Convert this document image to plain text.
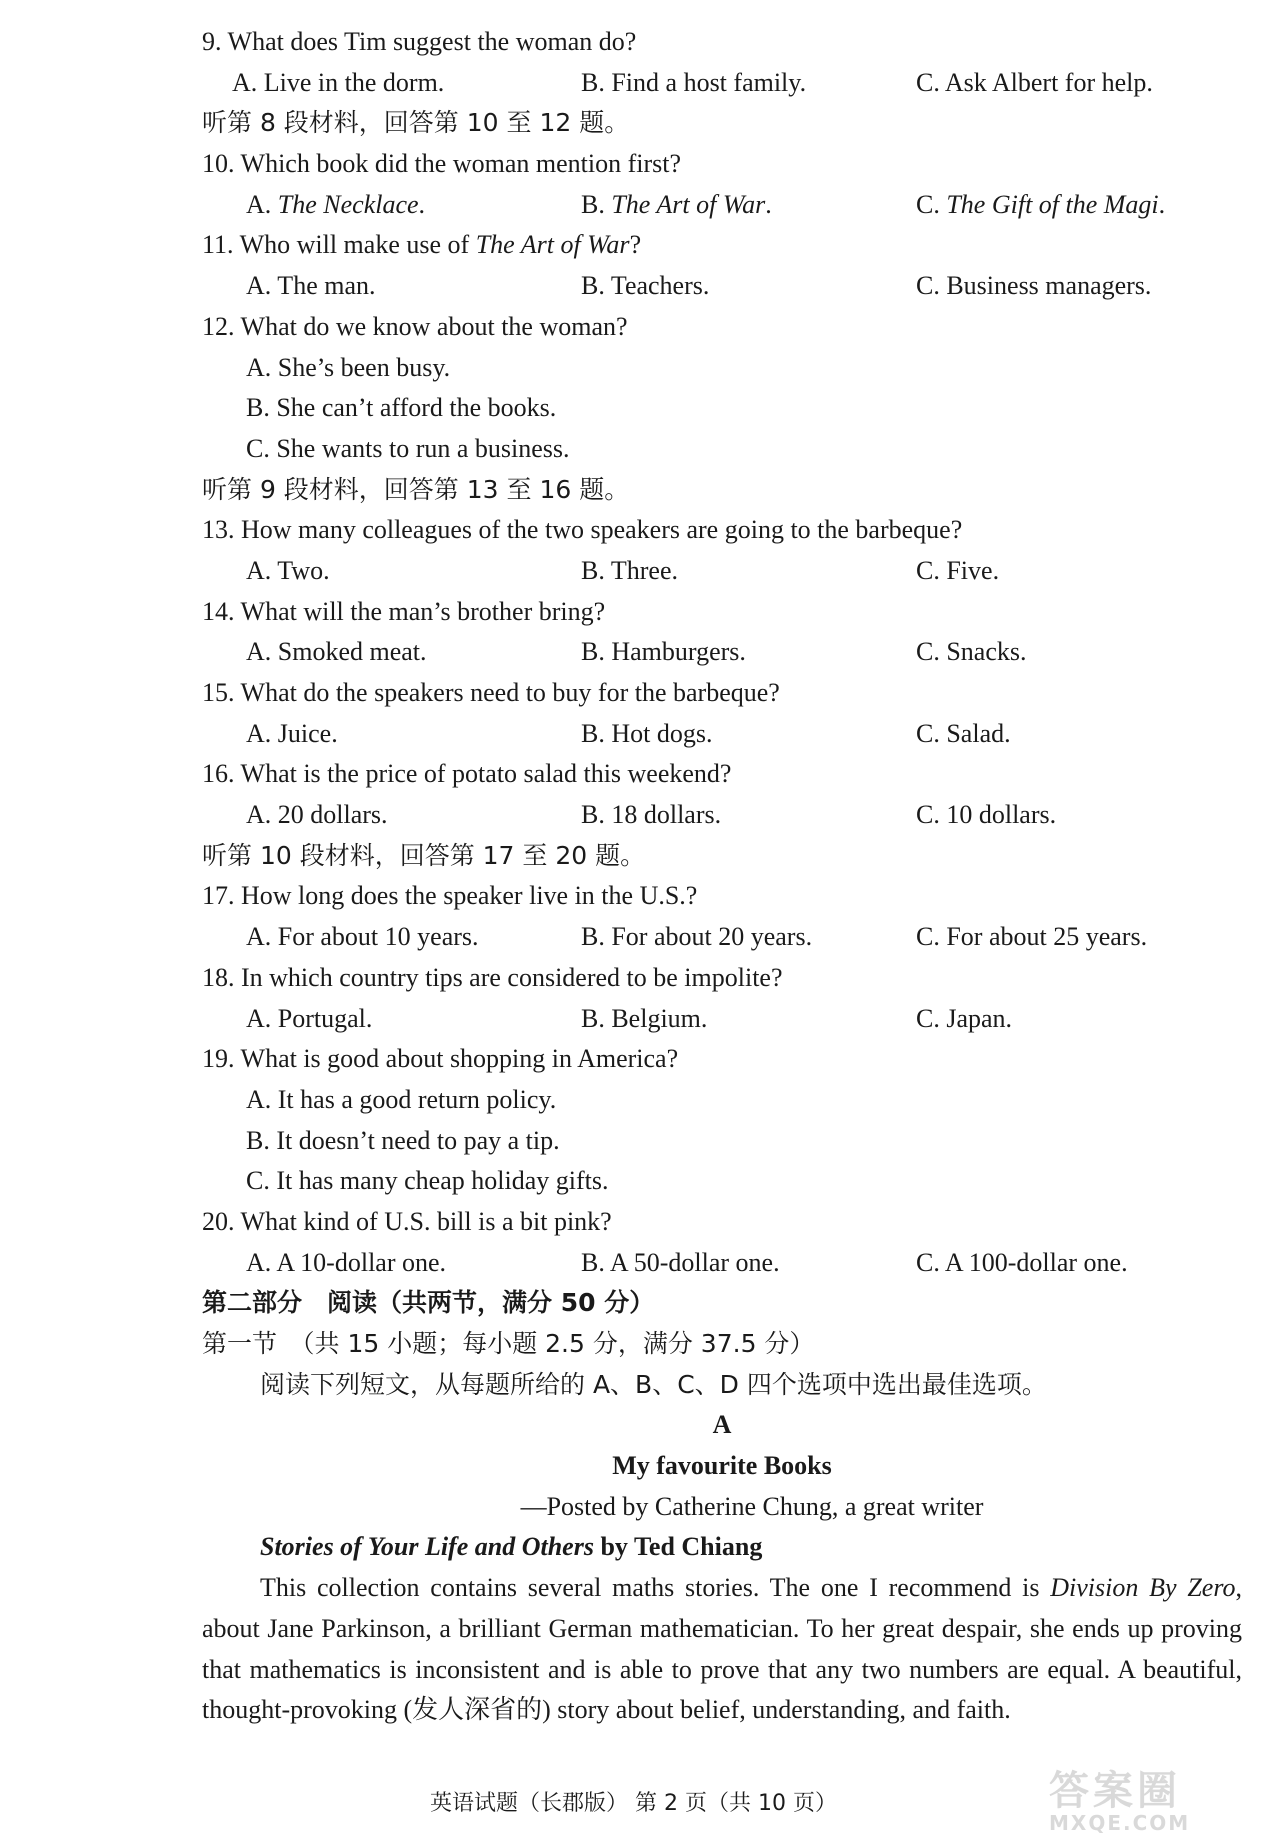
9. What does Tim suggest the woman do?
A. Live in the dorm.	B. Find a host family.	C. Ask Albert for help.
听第 8 段材料，回答第 10 至 12 题。
10. Which book did the woman mention first?
A. The Necklace.	B. The Art of War.	C. The Gift of the Magi.
11. Who will make use of The Art of War?
A. The man.	B. Teachers.	C. Business managers.
12. What do we know about the woman?
A. She’s been busy.
B. She can’t afford the books.
C. She wants to run a business.
听第 9 段材料，回答第 13 至 16 题。
13. How many colleagues of the two speakers are going to the barbeque?
A. Two.	B. Three.	C. Five.
14. What will the man’s brother bring?
A. Smoked meat.	B. Hamburgers.	C. Snacks.
15. What do the speakers need to buy for the barbeque?
A. Juice.	B. Hot dogs.	C. Salad.
16. What is the price of potato salad this weekend?
A. 20 dollars.	B. 18 dollars.	C. 10 dollars.
听第 10 段材料，回答第 17 至 20 题。
17. How long does the speaker live in the U.S.?
A. For about 10 years.	B. For about 20 years.	C. For about 25 years.
18. In which country tips are considered to be impolite?
A. Portugal.	B. Belgium.	C. Japan.
19. What is good about shopping in America?
A. It has a good return policy.
B. It doesn’t need to pay a tip.
C. It has many cheap holiday gifts.
20. What kind of U.S. bill is a bit pink?
A. A 10-dollar one.	B. A 50-dollar one.	C. A 100-dollar one.
第二部分　阅读（共两节，满分 50 分）
第一节　（共 15 小题；每小题 2.5 分，满分 37.5 分）
阅读下列短文，从每题所给的 A、B、C、D 四个选项中选出最佳选项。
A
My favourite Books
—Posted by Catherine Chung, a great writer
Stories of Your Life and Others by Ted Chiang
This collection contains several maths stories. The one I recommend is Division By Zero, about Jane Parkinson, a brilliant German mathematician. To her great despair, she ends up proving that mathematics is inconsistent and is able to prove that any two numbers are equal. A beautiful, thought-provoking (发人深省的) story about belief, understanding, and faith.
英语试题（长郡版） 第 2 页（共 10 页）	答案圈
MXQE.COM
